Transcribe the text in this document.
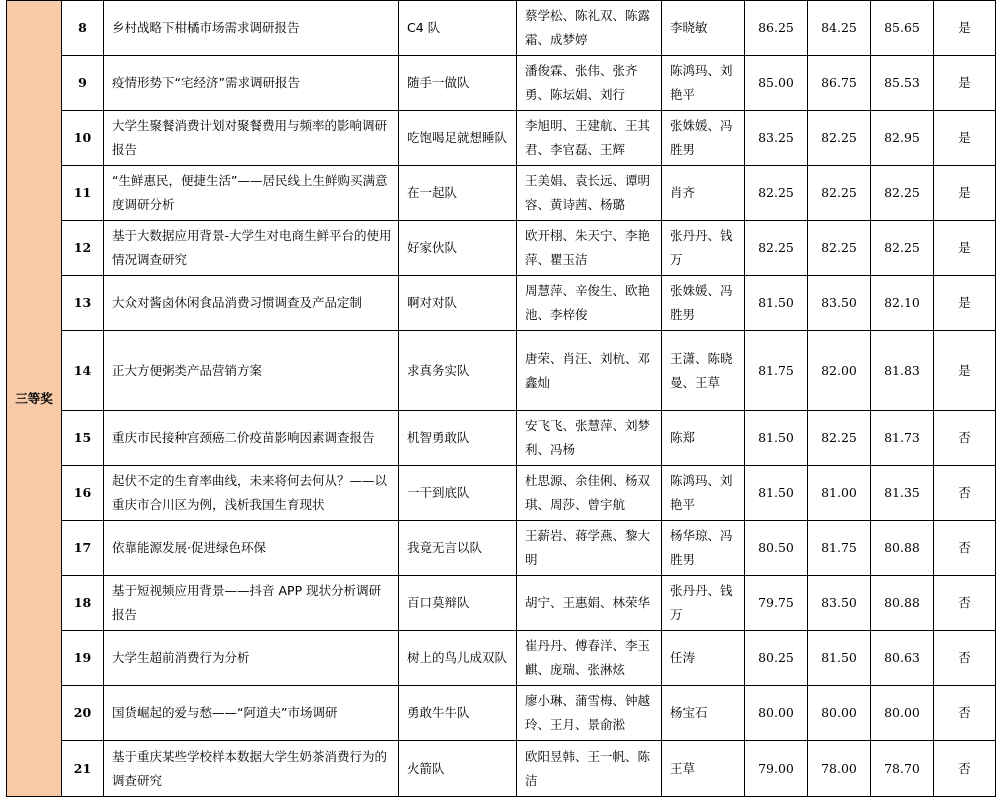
三等奖	8	乡村战略下柑橘市场需求调研报告	C4 队	蔡学松、陈礼双、陈露霜、成梦婷	李晓敏	86.25	84.25	85.65	是
	9	疫情形势下“宅经济”需求调研报告	随手一做队	潘俊霖、张伟、张齐勇、陈坛娟、刘行	陈鸿玛、刘艳平	85.00	86.75	85.53	是
	10	大学生聚餐消费计划对聚餐费用与频率的影响调研报告	吃饱喝足就想睡队	李旭明、王建航、王其君、李官磊、王辉	张姝媛、冯胜男	83.25	82.25	82.95	是
	11	“生鲜惠民，便捷生活”——居民线上生鲜购买满意度调研分析	在一起队	王美娟、袁长远、谭明容、黄诗茜、杨璐	肖齐	82.25	82.25	82.25	是
	12	基于大数据应用背景-大学生对电商生鲜平台的使用情况调查研究	好家伙队	欧开栩、朱天宁、李艳萍、瞿玉洁	张丹丹、钱万	82.25	82.25	82.25	是
	13	大众对酱卤休闲食品消费习惯调查及产品定制	啊对对队	周慧萍、辛俊生、欧艳池、李梓俊	张姝媛、冯胜男	81.50	83.50	82.10	是
	14	正大方便粥类产品营销方案	求真务实队	唐荣、肖汪、刘杭、邓鑫灿	王潇、陈晓曼、王草	81.75	82.00	81.83	是
	15	重庆市民接种宫颈癌二价疫苗影响因素调查报告	机智勇敢队	安飞飞、张慧萍、刘梦利、冯杨	陈郑	81.50	82.25	81.73	否
	16	起伏不定的生育率曲线，未来将何去何从？——以重庆市合川区为例，浅析我国生育现状	一干到底队	杜思源、余佳俐、杨双琪、周莎、曾宇航	陈鸿玛、刘艳平	81.50	81.00	81.35	否
	17	依靠能源发展·促进绿色环保	我竟无言以队	王薪岩、蒋学燕、黎大明	杨华琼、冯胜男	80.50	81.75	80.88	否
	18	基于短视频应用背景——抖音 APP 现状分析调研报告	百口莫辩队	胡宁、王惠娟、林荣华	张丹丹、钱万	79.75	83.50	80.88	否
	19	大学生超前消费行为分析	树上的鸟儿成双队	崔丹丹、傅春洋、李玉麒、庞瑞、张淋炫	任涛	80.25	81.50	80.63	否
	20	国货崛起的爱与愁——“阿道夫”市场调研	勇敢牛牛队	廖小琳、蒲雪梅、钟越玲、王月、景俞淞	杨宝石	80.00	80.00	80.00	否
	21	基于重庆某些学校样本数据大学生奶茶消费行为的调查研究	火箭队	欧阳昱韩、王一帆、陈洁	王草	79.00	78.00	78.70	否
